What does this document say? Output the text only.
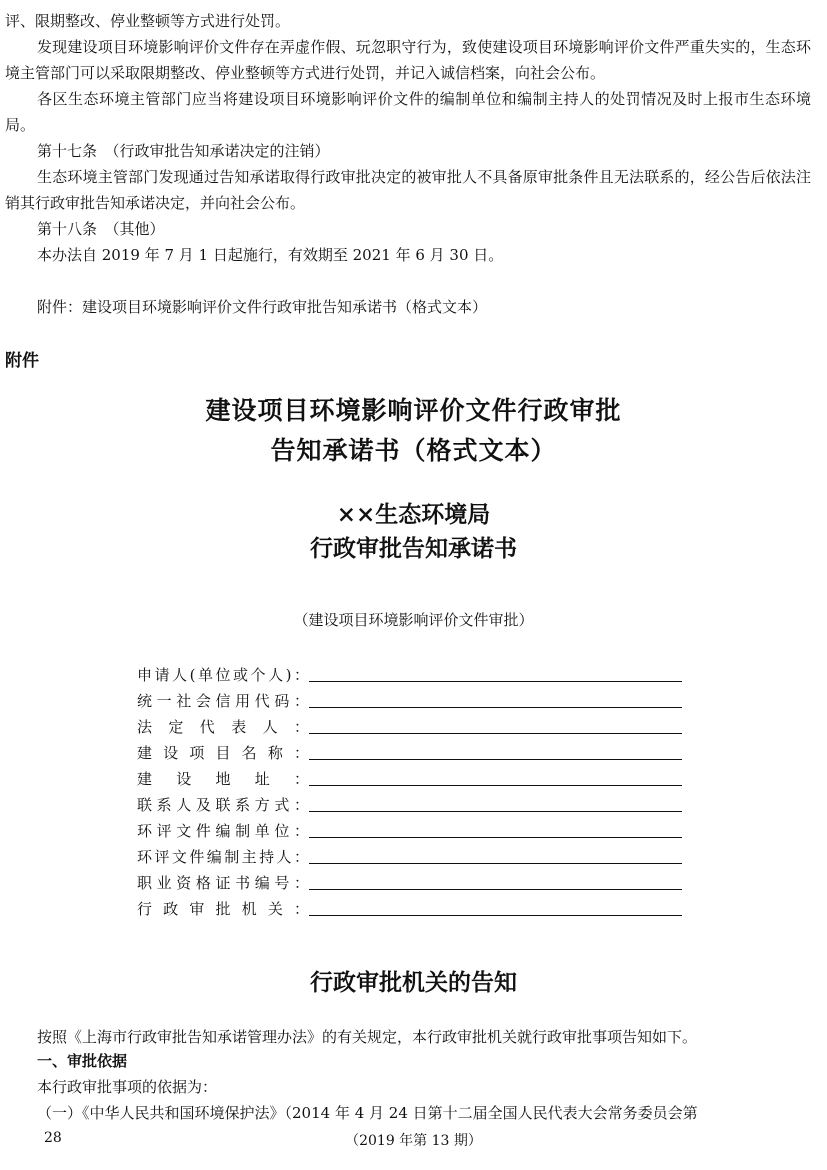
评、限期整改、停业整顿等方式进行处罚。

发现建设项目环境影响评价文件存在弄虚作假、玩忽职守行为，致使建设项目环境影响评价文件严重失实的，生态环境主管部门可以采取限期整改、停业整顿等方式进行处罚，并记入诚信档案，向社会公布。

各区生态环境主管部门应当将建设项目环境影响评价文件的编制单位和编制主持人的处罚情况及时上报市生态环境局。

第十七条　（行政审批告知承诺决定的注销）

生态环境主管部门发现通过告知承诺取得行政审批决定的被审批人不具备原审批条件且无法联系的，经公告后依法注销其行政审批告知承诺决定，并向社会公布。

第十八条　（其他）

本办法自 2019 年 7 月 1 日起施行，有效期至 2021 年 6 月 30 日。

附件：建设项目环境影响评价文件行政审批告知承诺书（格式文本）

附件

建设项目环境影响评价文件行政审批

告知承诺书（格式文本）

××生态环境局

行政审批告知承诺书

（建设项目环境影响评价文件审批）

申请人(单位或个人)：
统一社会信用代码：
法定代表人：
建设项目名称：
建设地址：
联系人及联系方式：
环评文件编制单位：
环评文件编制主持人：
职业资格证书编号：
行政审批机关：

行政审批机关的告知

按照《上海市行政审批告知承诺管理办法》的有关规定，本行政审批机关就行政审批事项告知如下。

一、审批依据

本行政审批事项的依据为：

（一）《中华人民共和国环境保护法》（2014 年 4 月 24 日第十二届全国人民代表大会常务委员会第

28	（2019 年第 13 期）
